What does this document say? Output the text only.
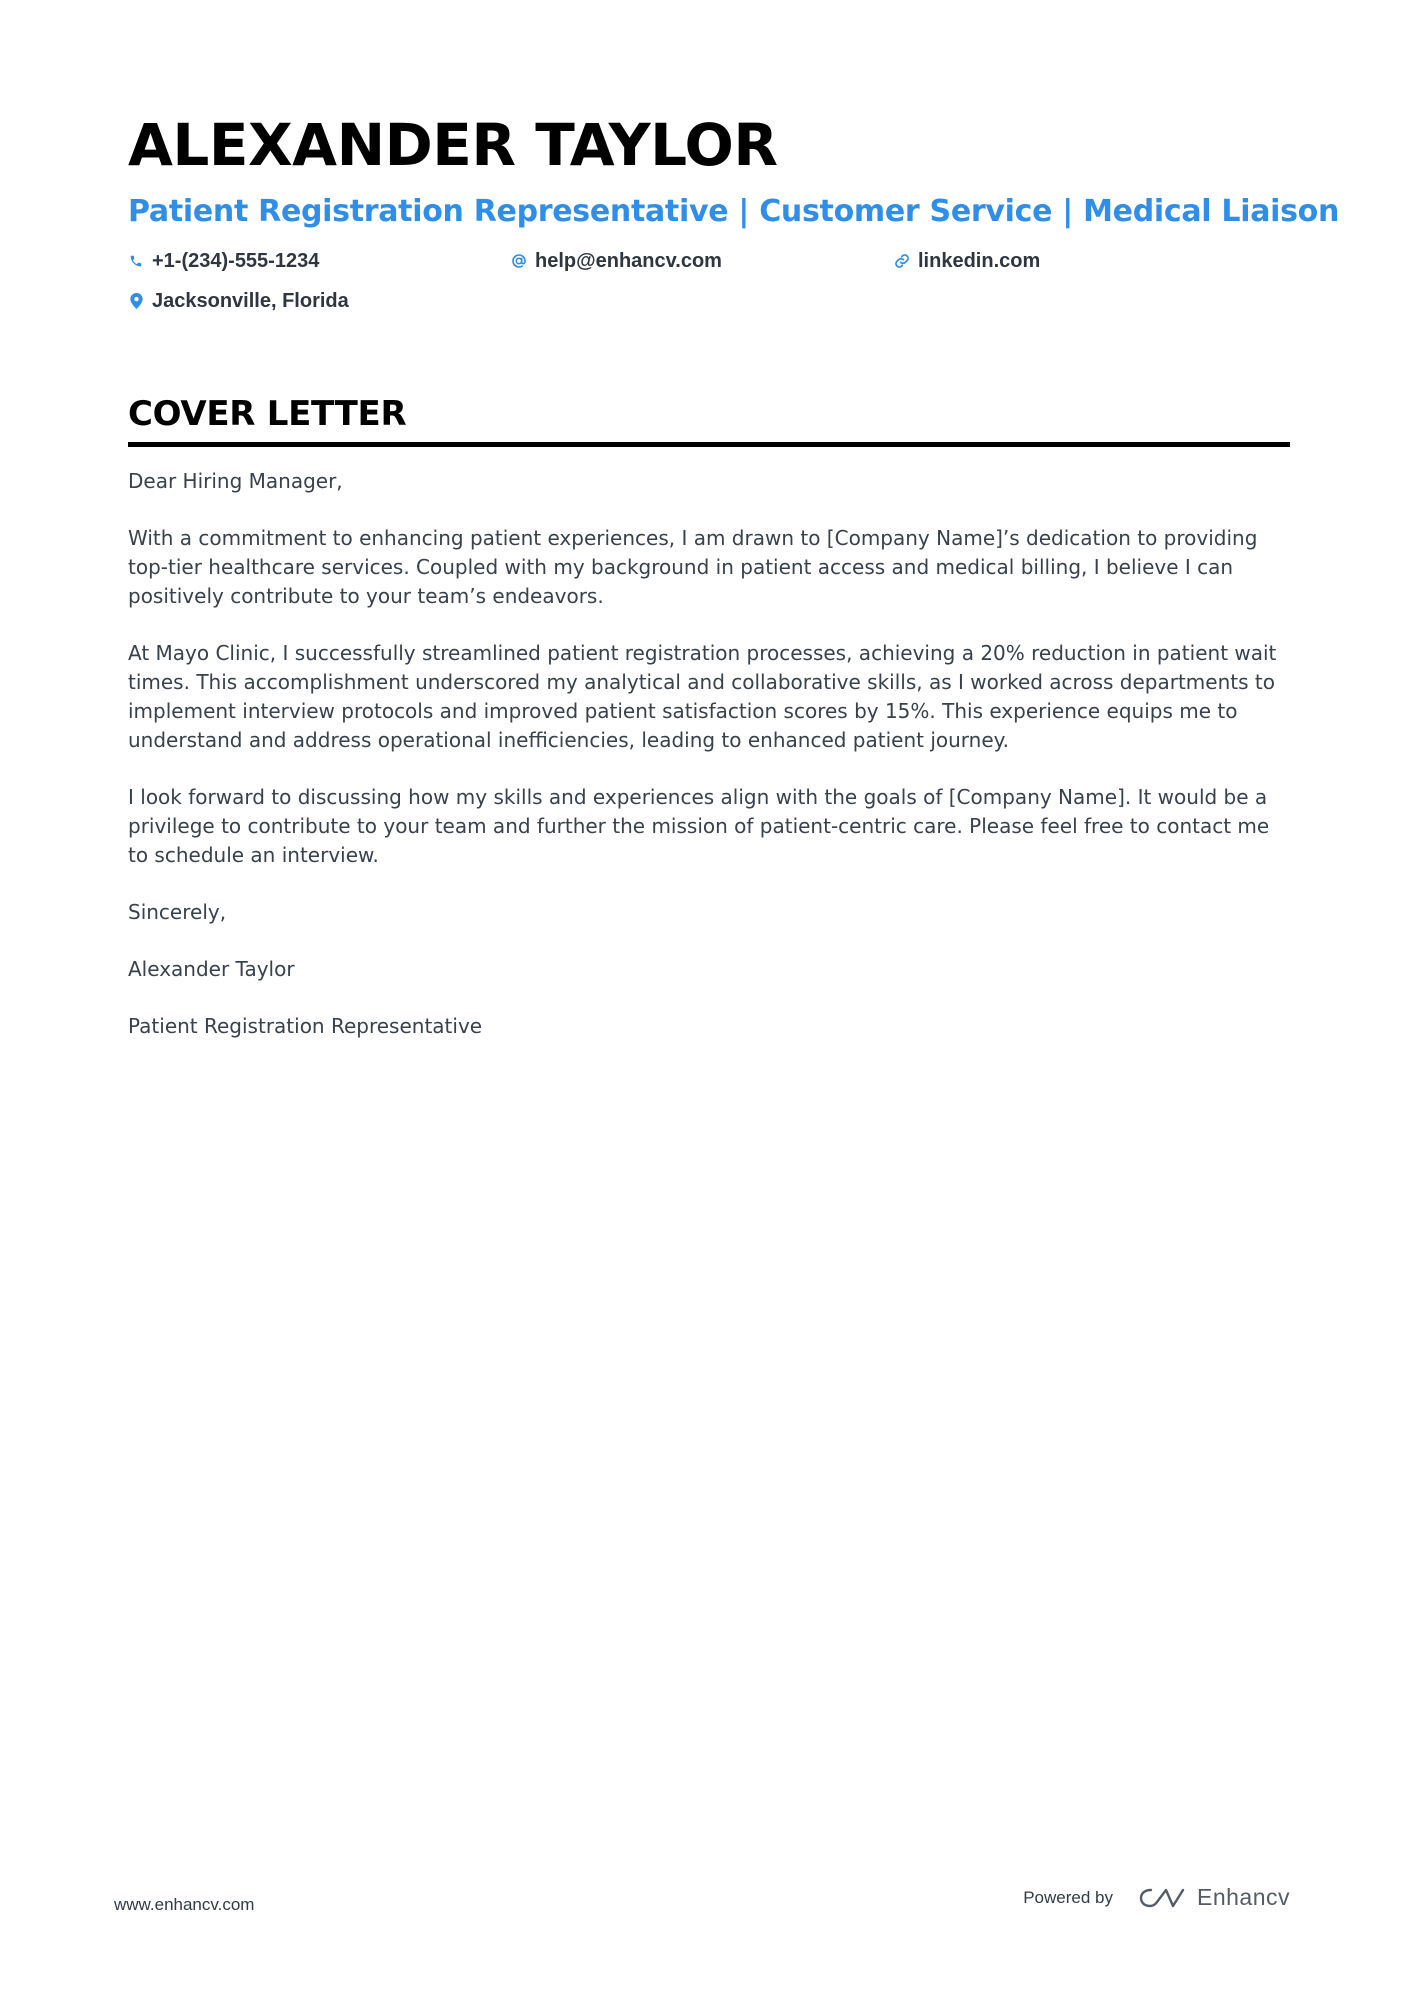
ALEXANDER TAYLOR
Patient Registration Representative | Customer Service | Medical Liaison
+1-(234)-555-1234	help@enhancv.com	linkedin.com
Jacksonville, Florida
COVER LETTER

Dear Hiring Manager,

With a commitment to enhancing patient experiences, I am drawn to [Company Name]’s dedication to providing top-tier healthcare services. Coupled with my background in patient access and medical billing, I believe I can positively contribute to your team’s endeavors.

At Mayo Clinic, I successfully streamlined patient registration processes, achieving a 20% reduction in patient wait times. This accomplishment underscored my analytical and collaborative skills, as I worked across departments to implement interview protocols and improved patient satisfaction scores by 15%. This experience equips me to understand and address operational inefficiencies, leading to enhanced patient journey.

I look forward to discussing how my skills and experiences align with the goals of [Company Name]. It would be a privilege to contribute to your team and further the mission of patient-centric care. Please feel free to contact me to schedule an interview.

Sincerely,

Alexander Taylor

Patient Registration Representative

www.enhancv.com	Powered by	Enhancv
